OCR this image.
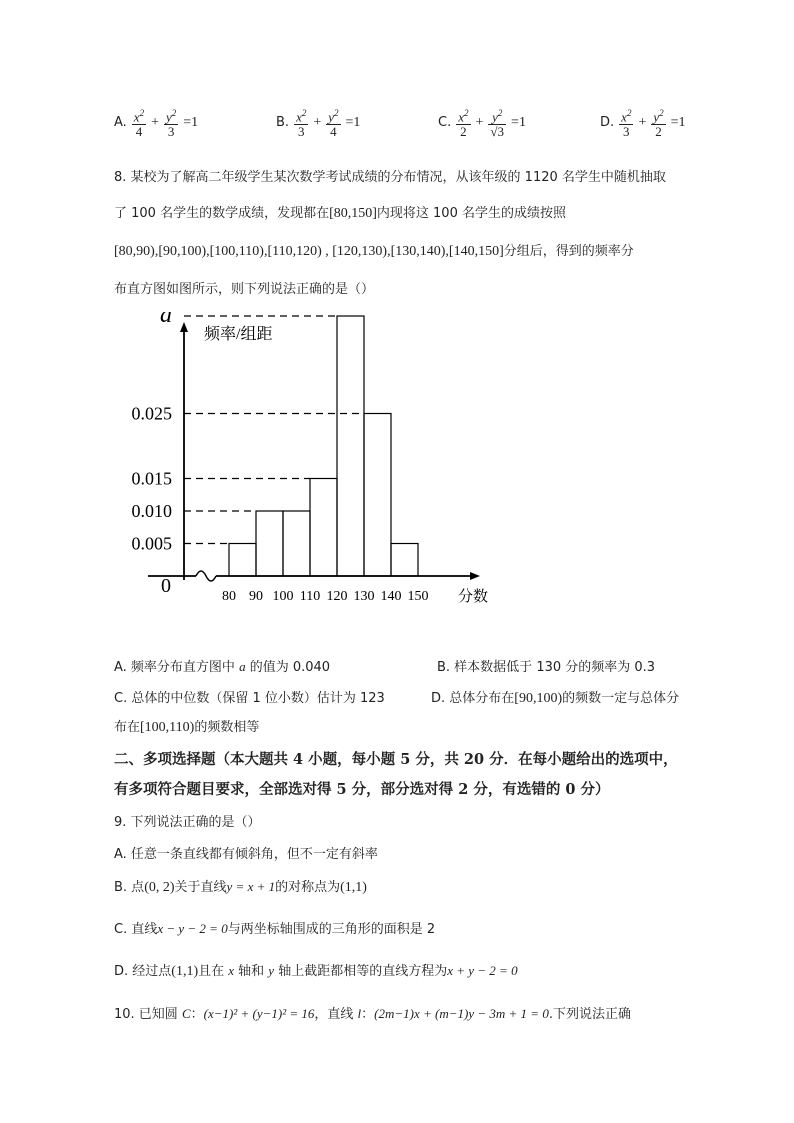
A. $\frac{x^2}{4} + \frac{y^2}{3} =1$	B. $\frac{x^2}{3} + \frac{y^2}{4} =1$	C. $\frac{x^2}{2} + \frac{y^2}{√3} =1$	D. $\frac{x^2}{3} + \frac{y^2}{2} =1$
8. 某校为了解高二年级学生某次数学考试成绩的分布情况，从该年级的 1120 名学生中随机抽取
了 100 名学生的数学成绩，发现都在[80,150]内现将这 100 名学生的成绩按照
[80,90),[90,100),[100,110),[110,120) , [120,130),[130,140),[140,150]分组后，得到的频率分
布直方图如图所示，则下列说法正确的是（）
0.005
0.010
0.015
0.025
a
80 90 100 110 120 130 140 150
0
频率/组距
分数
A. 频率分布直方图中 a 的值为 0.040	B. 样本数据低于 130 分的频率为 0.3
C. 总体的中位数（保留 1 位小数）估计为 123	D. 总体分布在[90,100)的频数一定与总体分
布在[100,110)的频数相等
二、多项选择题（本大题共 4 小题，每小题 5 分，共 20 分．在每小题给出的选项中，
有多项符合题目要求，全部选对得 5 分，部分选对得 2 分，有选错的 0 分）
9. 下列说法正确的是（）
A. 任意一条直线都有倾斜角，但不一定有斜率
B. 点(0, 2)关于直线y = x + 1的对称点为(1,1)
C. 直线x − y − 2 = 0与两坐标轴围成的三角形的面积是 2
D. 经过点(1,1)且在 x 轴和 y 轴上截距都相等的直线方程为x + y − 2 = 0
10. 已知圆 C：(x−1)² + (y−1)² = 16，直线 l：(2m−1)x + (m−1)y − 3m + 1 = 0.下列说法正确
